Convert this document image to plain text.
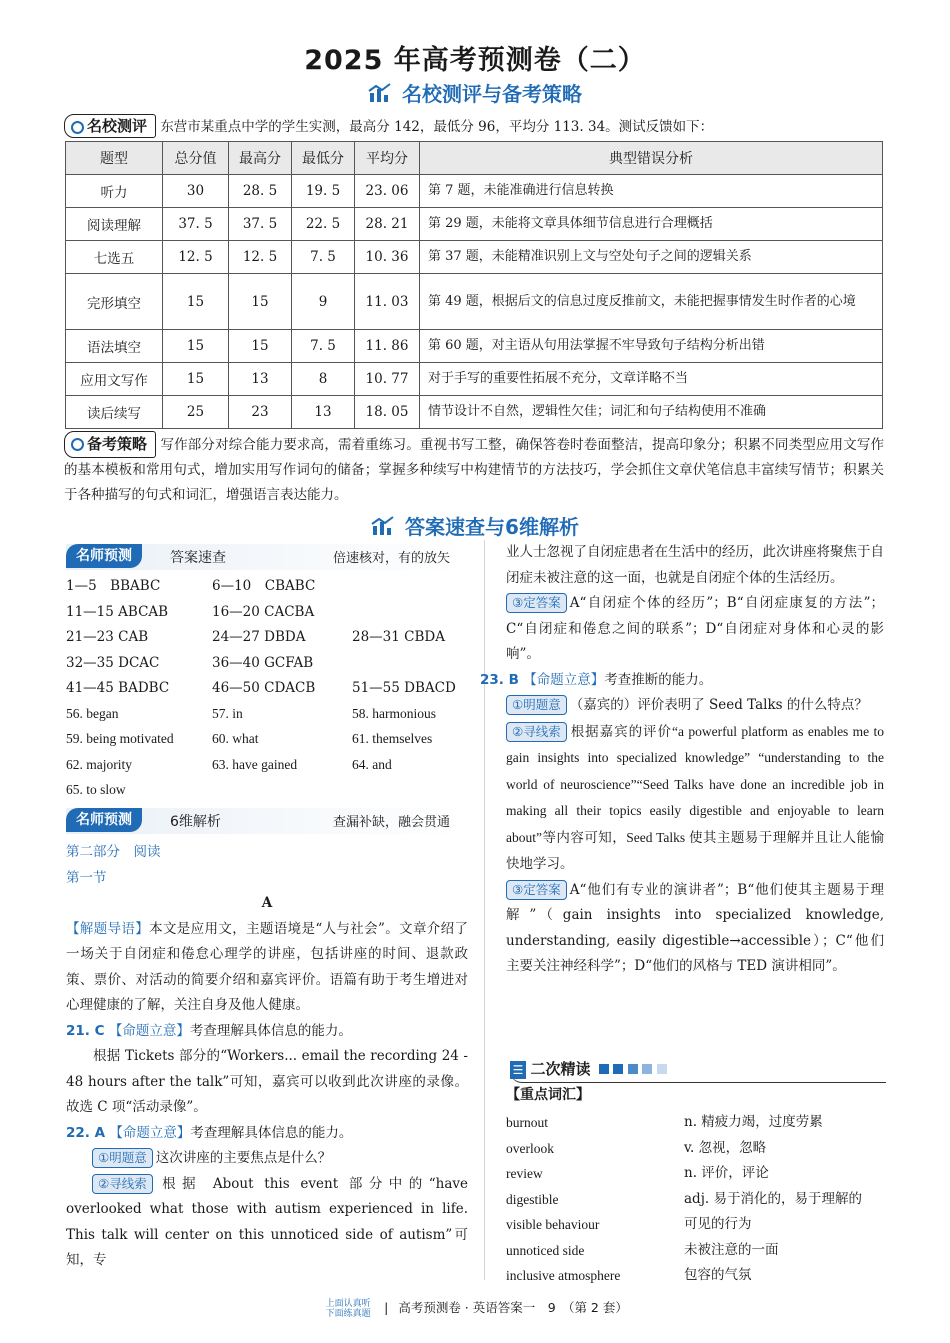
2025 年高考预测卷（二）
名校测评与备考策略
名校测评 东营市某重点中学的学生实测，最高分 142，最低分 96，平均分 113. 34。测试反馈如下：
题型	总分值	最高分	最低分	平均分	典型错误分析
听力	30	28. 5	19. 5	23. 06	第 7 题，未能准确进行信息转换
阅读理解	37. 5	37. 5	22. 5	28. 21	第 29 题，未能将文章具体细节信息进行合理概括
七选五	12. 5	12. 5	7. 5	10. 36	第 37 题，未能精准识别上文与空处句子之间的逻辑关系
完形填空	15	15	9	11. 03	第 49 题，根据后文的信息过度反推前文，未能把握事情发生时作者的心境
语法填空	15	15	7. 5	11. 86	第 60 题，对主语从句用法掌握不牢导致句子结构分析出错
应用文写作	15	13	8	10. 77	对于手写的重要性拓展不充分，文章详略不当
读后续写	25	23	13	18. 05	情节设计不自然，逻辑性欠佳；词汇和句子结构使用不准确
备考策略 写作部分对综合能力要求高，需着重练习。重视书写工整，确保答卷时卷面整洁，提高印象分；积累不同类型应用文写作的基本模板和常用句式，增加实用写作词句的储备；掌握多种续写中构建情节的方法技巧，学会抓住文章伏笔信息丰富续写情节；积累关于各种描写的句式和词汇，增强语言表达能力。
答案速查与6维解析
名师预测	答案速查	倍速核对，有的放矢
1—5　BBABC	6—10　CBABC
11—15 ABCAB	16—20 CACBA
21—23 CAB	24—27 DBDA	28—31 CBDA
32—35 DCAC	36—40 GCFAB
41—45 BADBC	46—50 CDACB	51—55 DBACD
56. began	57. in	58. harmonious
59. being motivated	60. what	61. themselves
62. majority	63. have gained	64. and
65. to slow
名师预测	6维解析	查漏补缺，融会贯通
第二部分　阅读
第一节
A
【解题导语】本文是应用文，主题语境是“人与社会”。文章介绍了一场关于自闭症和倦怠心理学的讲座，包括讲座的时间、退款政策、票价、对活动的简要介绍和嘉宾评价。语篇有助于考生增进对心理健康的了解，关注自身及他人健康。
21. C 【命题立意】考查理解具体信息的能力。
根据 Tickets 部分的“Workers... email the recording 24 - 48 hours after the talk”可知，嘉宾可以收到此次讲座的录像。故选 C 项“活动录像”。
22. A 【命题立意】考查理解具体信息的能力。
①明题意 这次讲座的主要焦点是什么？
②寻线索 根据 About this event 部分中的“have overlooked what those with autism experienced in life. This talk will center on this unnoticed side of autism”可知，专
业人士忽视了自闭症患者在生活中的经历，此次讲座将聚焦于自闭症未被注意的这一面，也就是自闭症个体的生活经历。
③定答案 A“自闭症个体的经历”；B“自闭症康复的方法”；C“自闭症和倦怠之间的联系”；D“自闭症对身体和心灵的影响”。
23. B 【命题立意】考查推断的能力。
①明题意 （嘉宾的）评价表明了 Seed Talks 的什么特点？
②寻线索 根据嘉宾的评价“a powerful platform as enables me to gain insights into specialized knowledge” “understanding to the world of neuroscience”“Seed Talks have done an incredible job in making all their topics easily digestible and enjoyable to learn about”等内容可知，Seed Talks 使其主题易于理解并且让人能愉快地学习。
③定答案 A“他们有专业的演讲者”；B“他们使其主题易于理解”（gain insights into specialized knowledge, understanding, easily digestible→accessible）；C“他们主要关注神经科学”；D“他们的风格与 TED 演讲相同”。
☰ 二次精读
【重点词汇】
burnout	n. 精疲力竭，过度劳累
overlook	v. 忽视，忽略
review	n. 评价，评论
digestible	adj. 易于消化的，易于理解的
visible behaviour	可见的行为
unnoticed side	未被注意的一面
inclusive atmosphere	包容的气氛
上面认真听 下面练真题 | 高考预测卷 · 英语答案一　9　（第 2 套）
